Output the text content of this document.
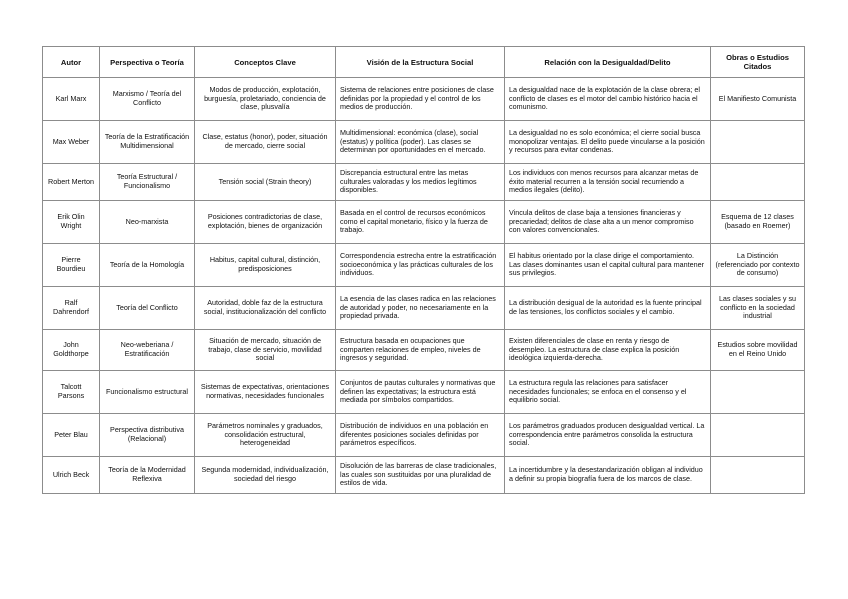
Autor	Perspectiva o Teoría	Conceptos Clave	Visión de la Estructura Social	Relación con la Desigualdad/Delito	Obras o Estudios Citados
Karl Marx	Marxismo / Teoría del Conflicto	Modos de producción, explotación, burguesía, proletariado, conciencia de clase, plusvalía	Sistema de relaciones entre posiciones de clase definidas por la propiedad y el control de los medios de producción.	La desigualdad nace de la explotación de la clase obrera; el conflicto de clases es el motor del cambio histórico hacia el comunismo.	El Manifiesto Comunista
Max Weber	Teoría de la Estratificación Multidimensional	Clase, estatus (honor), poder, situación de mercado, cierre social	Multidimensional: económica (clase), social (estatus) y política (poder). Las clases se determinan por oportunidades en el mercado.	La desigualdad no es solo económica; el cierre social busca monopolizar ventajas. El delito puede vincularse a la posición y recursos para evitar condenas.	
Robert Merton	Teoría Estructural / Funcionalismo	Tensión social (Strain theory)	Discrepancia estructural entre las metas culturales valoradas y los medios legítimos disponibles.	Los individuos con menos recursos para alcanzar metas de éxito material recurren a la tensión social recurriendo a medios ilegales (delito).	
Erik Olin Wright	Neo-marxista	Posiciones contradictorias de clase, explotación, bienes de organización	Basada en el control de recursos económicos como el capital monetario, físico y la fuerza de trabajo.	Vincula delitos de clase baja a tensiones financieras y precariedad; delitos de clase alta a un menor compromiso con valores convencionales.	Esquema de 12 clases (basado en Roemer)
Pierre Bourdieu	Teoría de la Homología	Habitus, capital cultural, distinción, predisposiciones	Correspondencia estrecha entre la estratificación socioeconómica y las prácticas culturales de los individuos.	El habitus orientado por la clase dirige el comportamiento. Las clases dominantes usan el capital cultural para mantener sus privilegios.	La Distinción (referenciado por contexto de consumo)
Ralf Dahrendorf	Teoría del Conflicto	Autoridad, doble faz de la estructura social, institucionalización del conflicto	La esencia de las clases radica en las relaciones de autoridad y poder, no necesariamente en la propiedad privada.	La distribución desigual de la autoridad es la fuente principal de las tensiones, los conflictos sociales y el cambio.	Las clases sociales y su conflicto en la sociedad industrial
John Goldthorpe	Neo-weberiana / Estratificación	Situación de mercado, situación de trabajo, clase de servicio, movilidad social	Estructura basada en ocupaciones que comparten relaciones de empleo, niveles de ingresos y seguridad.	Existen diferenciales de clase en renta y riesgo de desempleo. La estructura de clase explica la posición ideológica izquierda-derecha.	Estudios sobre movilidad en el Reino Unido
Talcott Parsons	Funcionalismo estructural	Sistemas de expectativas, orientaciones normativas, necesidades funcionales	Conjuntos de pautas culturales y normativas que definen las expectativas; la estructura está mediada por símbolos compartidos.	La estructura regula las relaciones para satisfacer necesidades funcionales; se enfoca en el consenso y el equilibrio social.	
Peter Blau	Perspectiva distributiva (Relacional)	Parámetros nominales y graduados, consolidación estructural, heterogeneidad	Distribución de individuos en una población en diferentes posiciones sociales definidas por parámetros específicos.	Los parámetros graduados producen desigualdad vertical. La correspondencia entre parámetros consolida la estructura social.	
Ulrich Beck	Teoría de la Modernidad Reflexiva	Segunda modernidad, individualización, sociedad del riesgo	Disolución de las barreras de clase tradicionales, las cuales son sustituidas por una pluralidad de estilos de vida.	La incertidumbre y la desestandarización obligan al individuo a definir su propia biografía fuera de los marcos de clase.	
